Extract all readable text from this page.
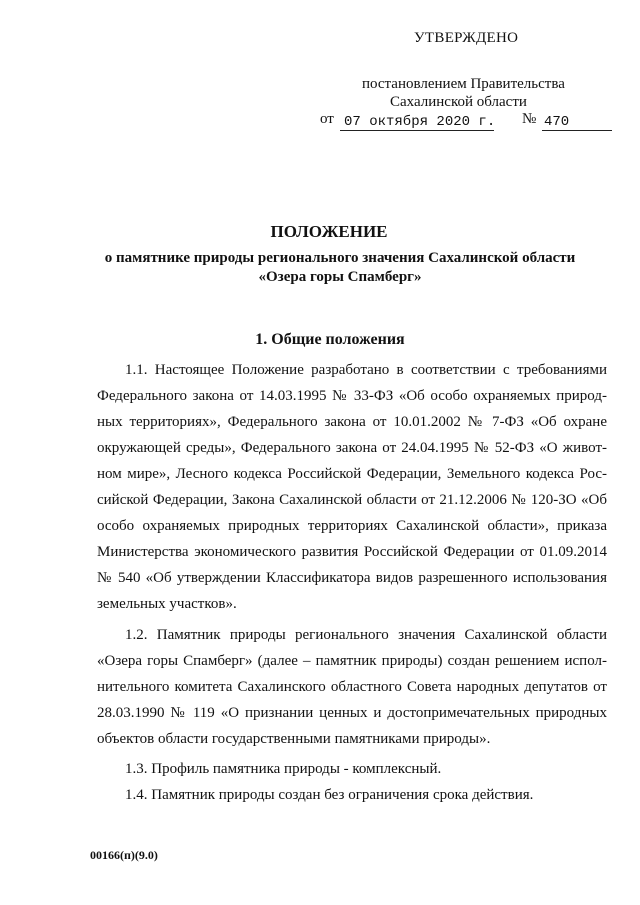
УТВЕРЖДЕНО
постановлением Правительства
Сахалинской области
от 07 октября 2020 г. № 470
ПОЛОЖЕНИЕ
о памятнике природы регионального значения Сахалинской области
«Озера горы Спамберг»
1. Общие положения
1.1. Настоящее Положение разработано в соответствии с требованиями
Федерального закона от 14.03.1995 № 33-ФЗ «Об особо охраняемых природ-
ных территориях», Федерального закона от 10.01.2002 № 7-ФЗ «Об охране
окружающей среды», Федерального закона от 24.04.1995 № 52-ФЗ «О живот-
ном мире», Лесного кодекса Российской Федерации, Земельного кодекса Рос-
сийской Федерации, Закона Сахалинской области от 21.12.2006 № 120-ЗО «Об
особо охраняемых природных территориях Сахалинской области», приказа
Министерства экономического развития Российской Федерации от 01.09.2014
№ 540 «Об утверждении Классификатора видов разрешенного использования
земельных участков».
1.2. Памятник природы регионального значения Сахалинской области
«Озера горы Спамберг» (далее – памятник природы) создан решением испол-
нительного комитета Сахалинского областного Совета народных депутатов от
28.03.1990 № 119 «О признании ценных и достопримечательных природных
объектов области государственными памятниками природы».
1.3. Профиль памятника природы - комплексный.
1.4. Памятник природы создан без ограничения срока действия.
00166(п)(9.0)
